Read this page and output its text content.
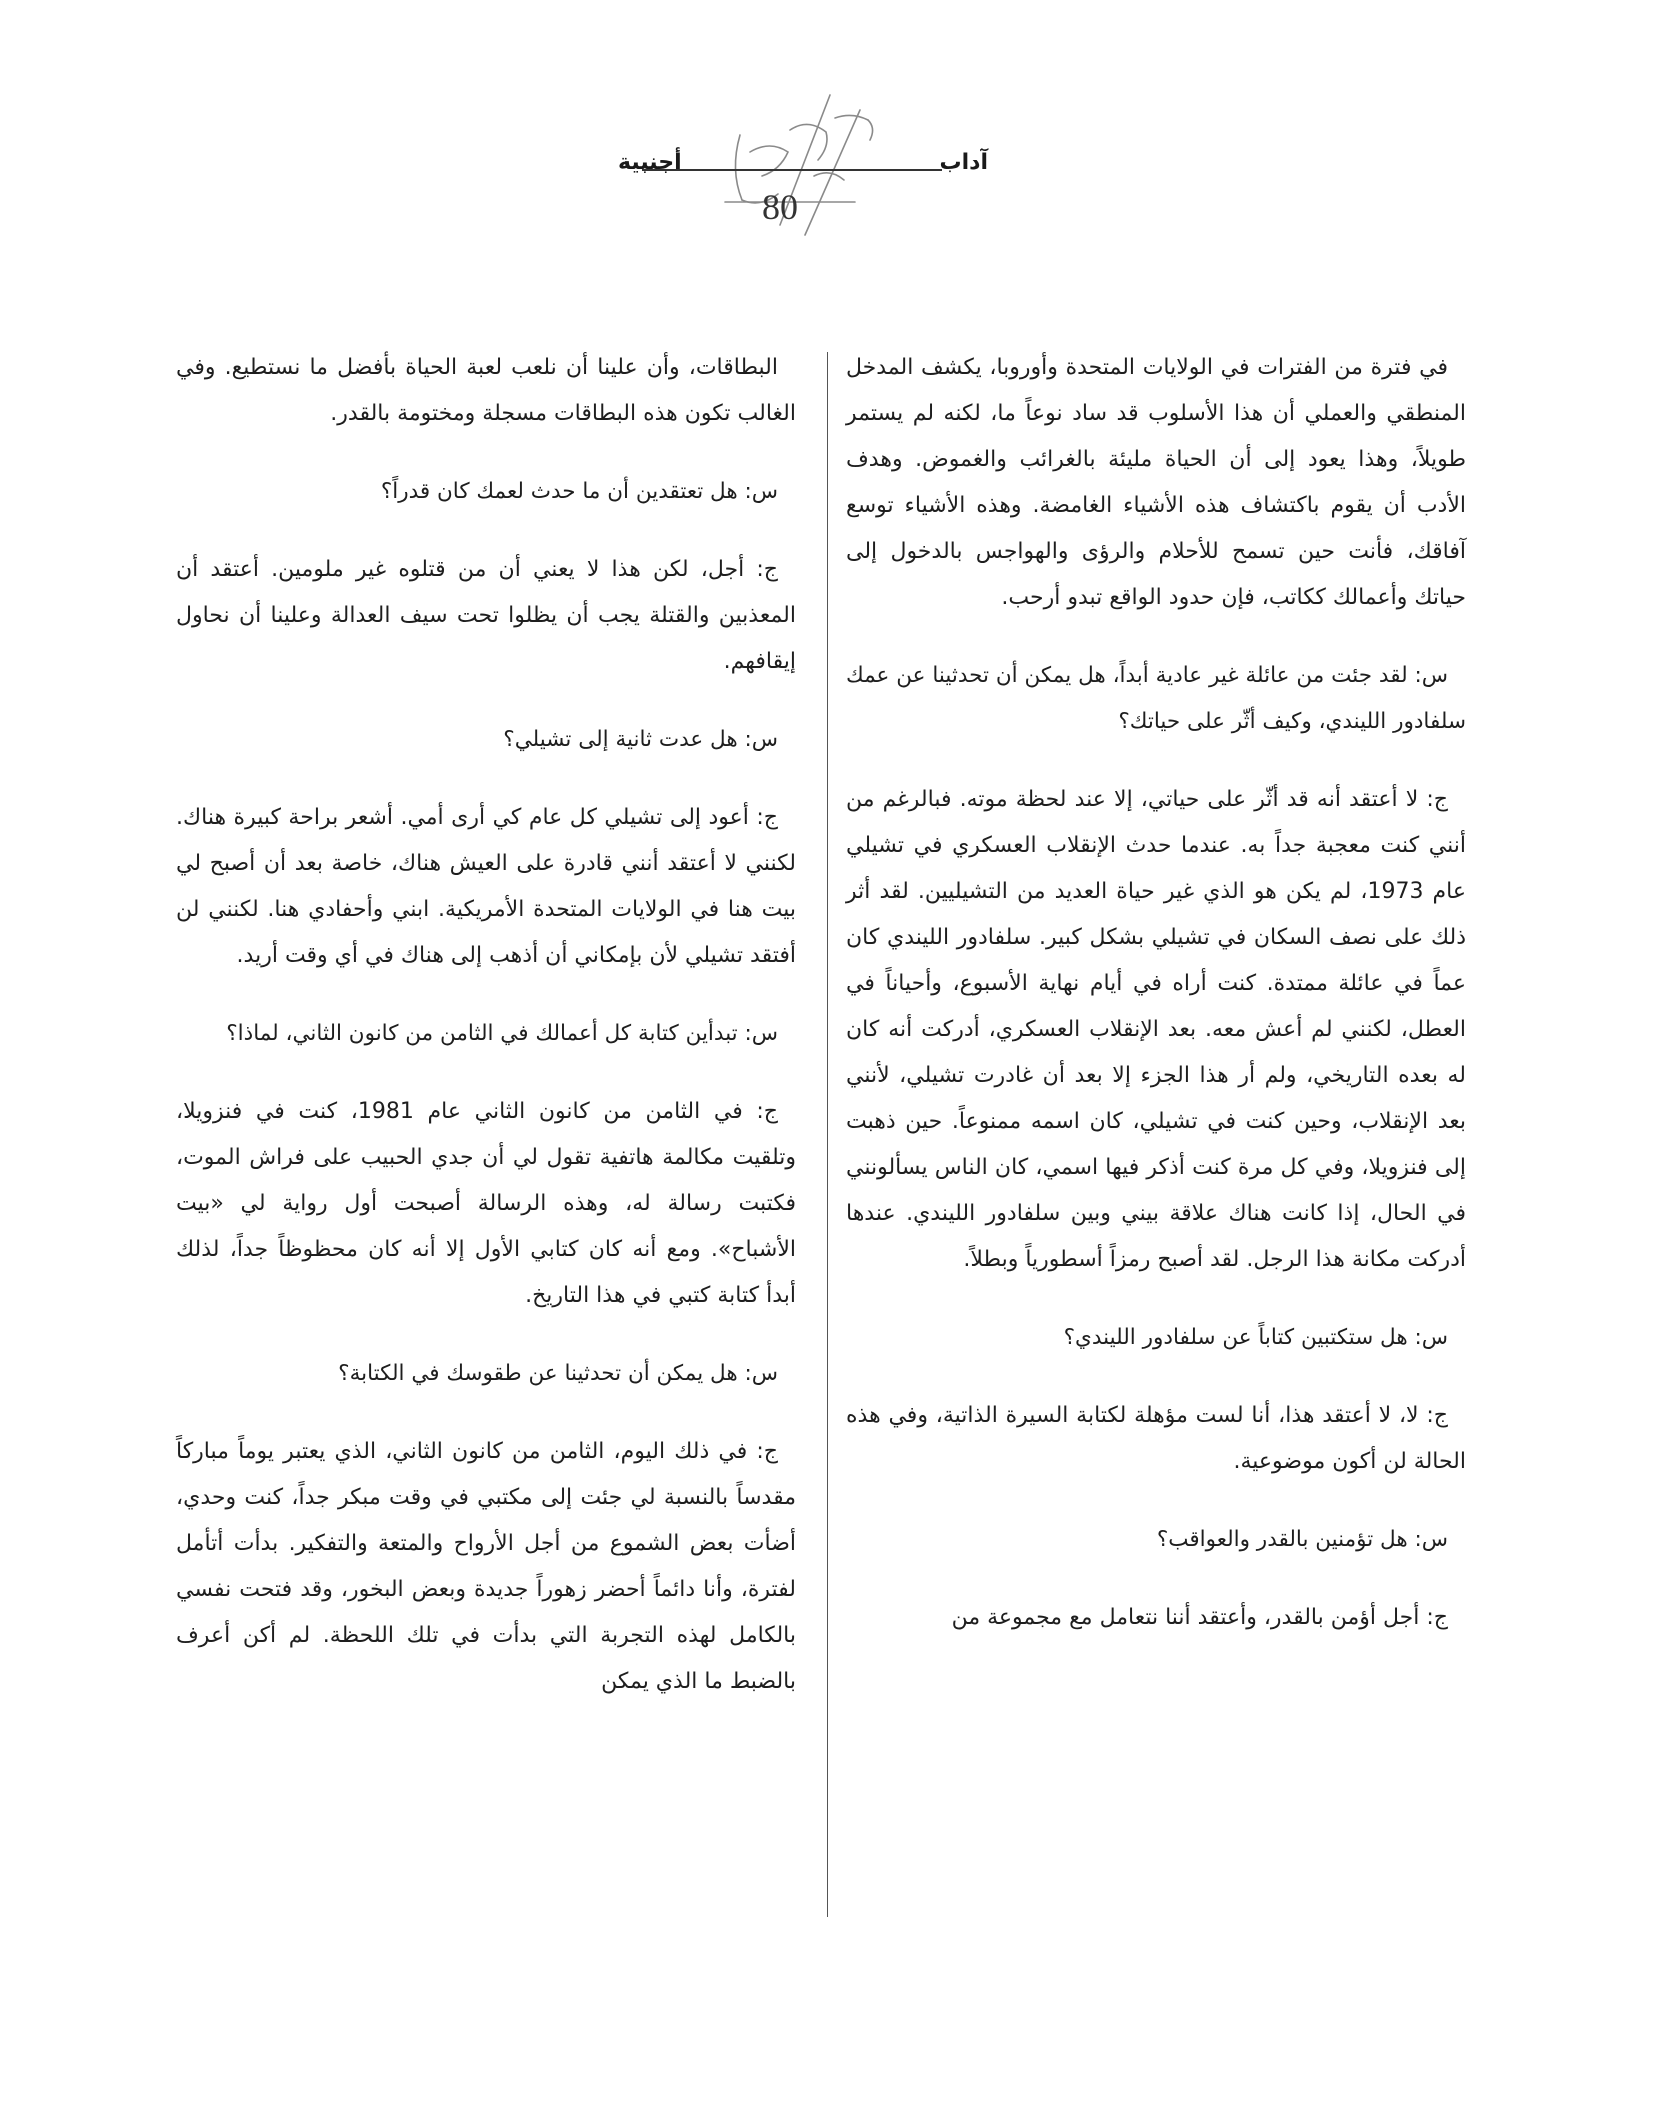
آداب
أجنبية
80

في فترة من الفترات في الولايات المتحدة وأوروبا، يكشف المدخل المنطقي والعملي أن هذا الأسلوب قد ساد نوعاً ما، لكنه لم يستمر طويلاً، وهذا يعود إلى أن الحياة مليئة بالغرائب والغموض. وهدف الأدب أن يقوم باكتشاف هذه الأشياء الغامضة. وهذه الأشياء توسع آفاقك، فأنت حين تسمح للأحلام والرؤى والهواجس بالدخول إلى حياتك وأعمالك ككاتب، فإن حدود الواقع تبدو أرحب.

س: لقد جئت من عائلة غير عادية أبداً، هل يمكن أن تحدثينا عن عمك سلفادور الليندي، وكيف أثّر على حياتك؟

ج: لا أعتقد أنه قد أثّر على حياتي، إلا عند لحظة موته. فبالرغم من أنني كنت معجبة جداً به. عندما حدث الإنقلاب العسكري في تشيلي عام 1973، لم يكن هو الذي غير حياة العديد من التشيليين. لقد أثر ذلك على نصف السكان في تشيلي بشكل كبير. سلفادور الليندي كان عماً في عائلة ممتدة. كنت أراه في أيام نهاية الأسبوع، وأحياناً في العطل، لكنني لم أعش معه. بعد الإنقلاب العسكري، أدركت أنه كان له بعده التاريخي، ولم أر هذا الجزء إلا بعد أن غادرت تشيلي، لأنني بعد الإنقلاب، وحين كنت في تشيلي، كان اسمه ممنوعاً. حين ذهبت إلى فنزويلا، وفي كل مرة كنت أذكر فيها اسمي، كان الناس يسألونني في الحال، إذا كانت هناك علاقة بيني وبين سلفادور الليندي. عندها أدركت مكانة هذا الرجل. لقد أصبح رمزاً أسطورياً وبطلاً.

س: هل ستكتبين كتاباً عن سلفادور الليندي؟

ج: لا، لا أعتقد هذا، أنا لست مؤهلة لكتابة السيرة الذاتية، وفي هذه الحالة لن أكون موضوعية.

س: هل تؤمنين بالقدر والعواقب؟

ج: أجل أؤمن بالقدر، وأعتقد أننا نتعامل مع مجموعة من

البطاقات، وأن علينا أن نلعب لعبة الحياة بأفضل ما نستطيع. وفي الغالب تكون هذه البطاقات مسجلة ومختومة بالقدر.

س: هل تعتقدين أن ما حدث لعمك كان قدراً؟

ج: أجل، لكن هذا لا يعني أن من قتلوه غير ملومين. أعتقد أن المعذبين والقتلة يجب أن يظلوا تحت سيف العدالة وعلينا أن نحاول إيقافهم.

س: هل عدت ثانية إلى تشيلي؟

ج: أعود إلى تشيلي كل عام كي أرى أمي. أشعر براحة كبيرة هناك. لكنني لا أعتقد أنني قادرة على العيش هناك، خاصة بعد أن أصبح لي بيت هنا في الولايات المتحدة الأمريكية. ابني وأحفادي هنا. لكنني لن أفتقد تشيلي لأن بإمكاني أن أذهب إلى هناك في أي وقت أريد.

س: تبدأين كتابة كل أعمالك في الثامن من كانون الثاني، لماذا؟

ج: في الثامن من كانون الثاني عام 1981، كنت في فنزويلا، وتلقيت مكالمة هاتفية تقول لي أن جدي الحبيب على فراش الموت، فكتبت رسالة له، وهذه الرسالة أصبحت أول رواية لي «بيت الأشباح». ومع أنه كان كتابي الأول إلا أنه كان محظوظاً جداً، لذلك أبدأ كتابة كتبي في هذا التاريخ.

س: هل يمكن أن تحدثينا عن طقوسك في الكتابة؟

ج: في ذلك اليوم، الثامن من كانون الثاني، الذي يعتبر يوماً مباركاً مقدساً بالنسبة لي جئت إلى مكتبي في وقت مبكر جداً، كنت وحدي، أضأت بعض الشموع من أجل الأرواح والمتعة والتفكير. بدأت أتأمل لفترة، وأنا دائماً أحضر زهوراً جديدة وبعض البخور، وقد فتحت نفسي بالكامل لهذه التجربة التي بدأت في تلك اللحظة. لم أكن أعرف بالضبط ما الذي يمكن
